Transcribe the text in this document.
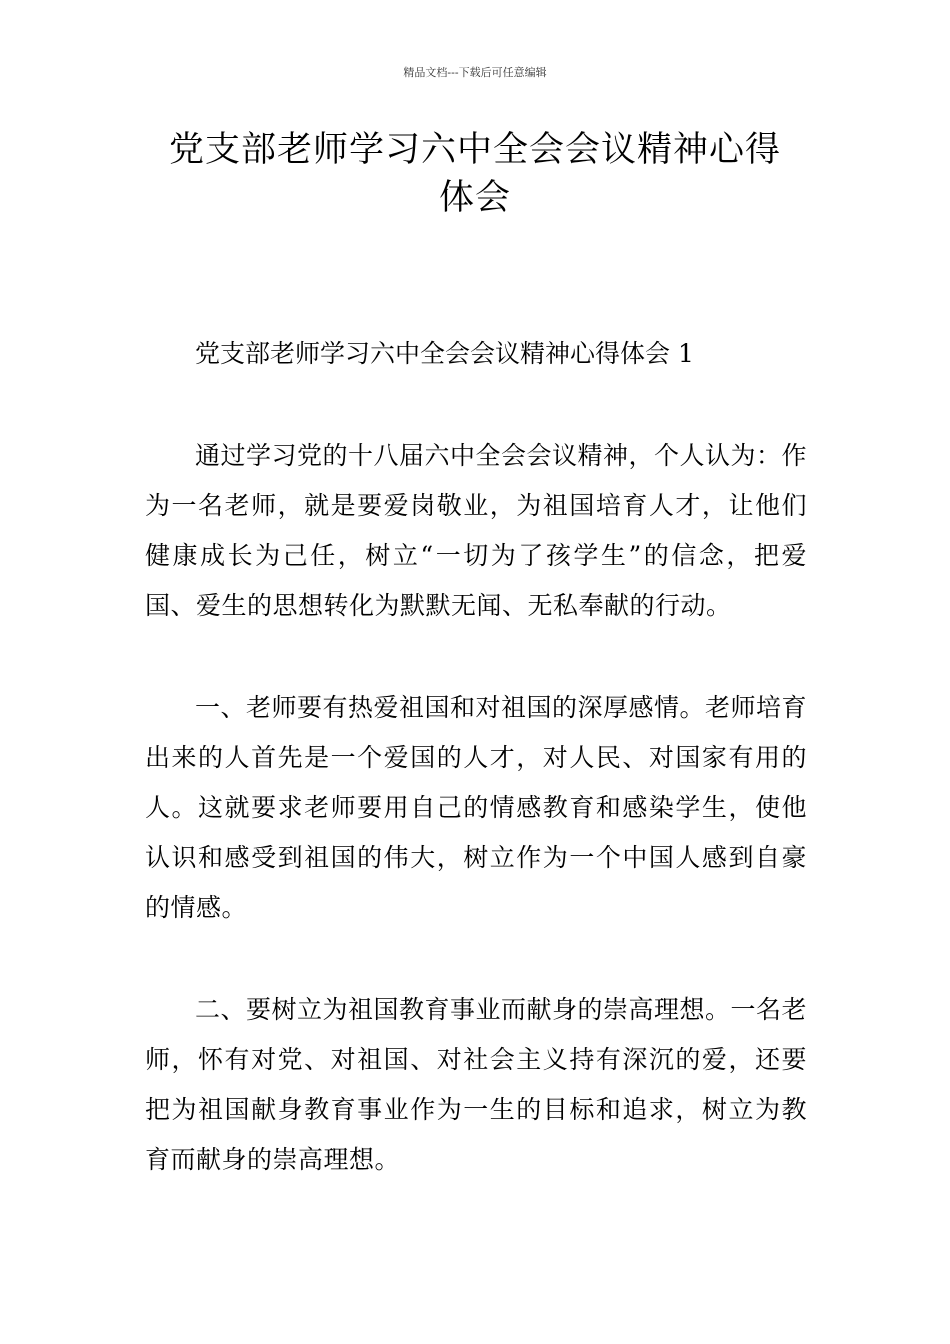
精品文档---下载后可任意编辑
党支部老师学习六中全会会议精神心得
体会

党支部老师学习六中全会会议精神心得体会 1

通过学习党的十八届六中全会会议精神，个人认为：作为一名老师，就是要爱岗敬业，为祖国培育人才，让他们健康成长为己任，树立“一切为了孩学生”的信念，把爱国、爱生的思想转化为默默无闻、无私奉献的行动。

一、老师要有热爱祖国和对祖国的深厚感情。老师培育出来的人首先是一个爱国的人才，对人民、对国家有用的人。这就要求老师要用自己的情感教育和感染学生，使他认识和感受到祖国的伟大，树立作为一个中国人感到自豪的情感。

二、要树立为祖国教育事业而献身的崇高理想。一名老师，怀有对党、对祖国、对社会主义持有深沉的爱，还要把为祖国献身教育事业作为一生的目标和追求，树立为教育而献身的崇高理想。
